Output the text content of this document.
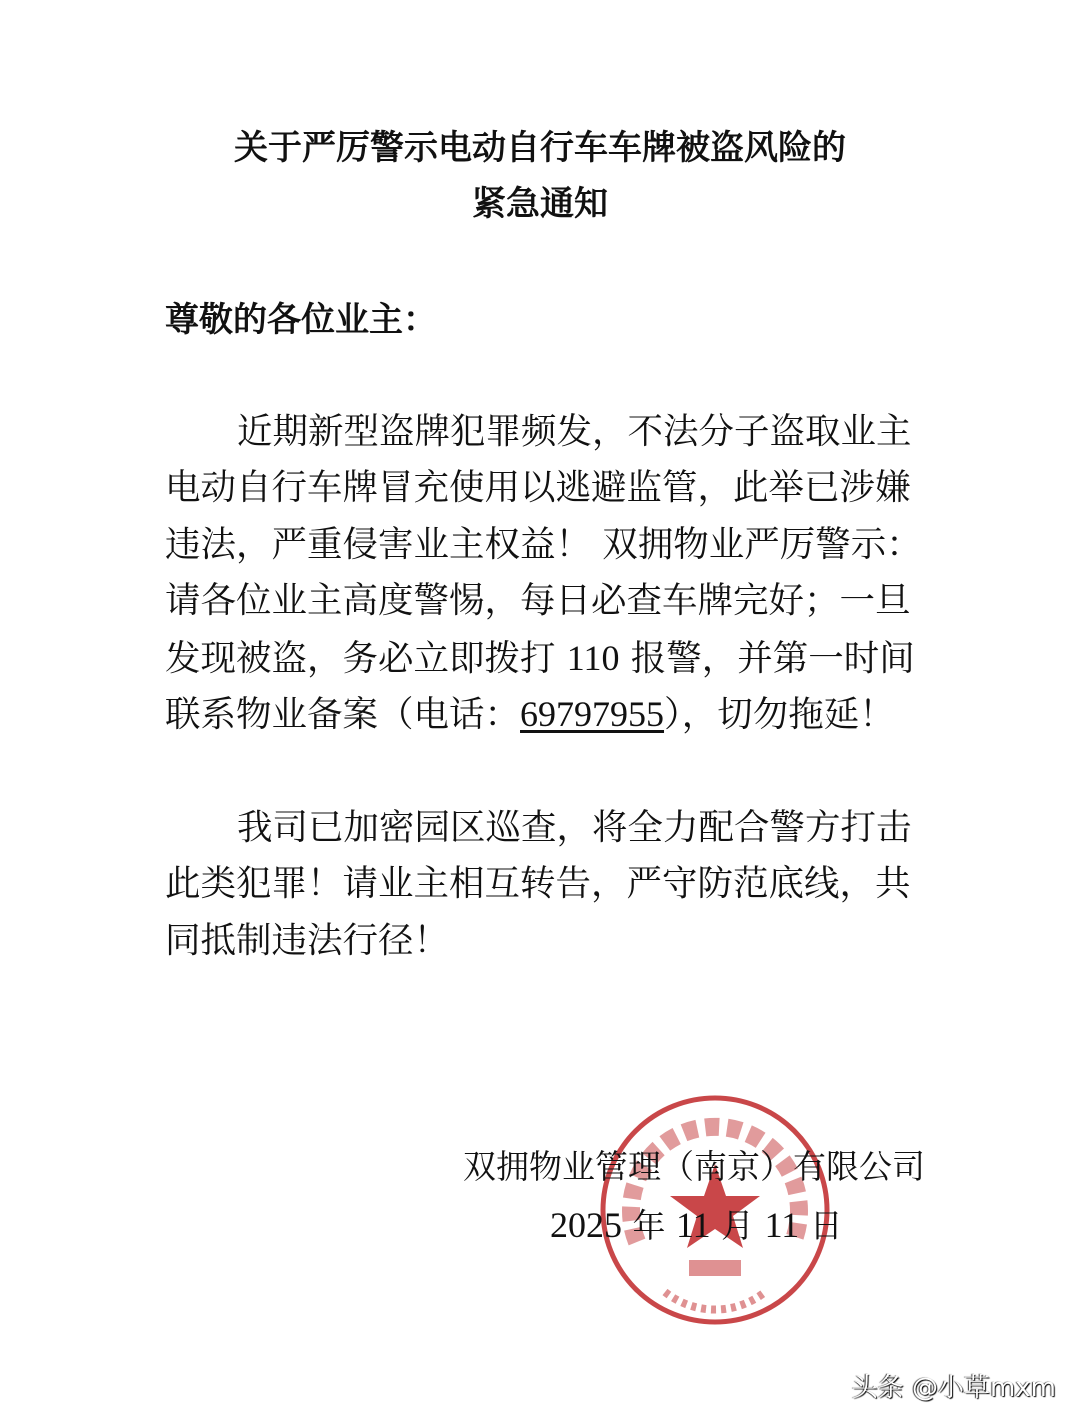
关于严厉警示电动自行车车牌被盗风险的
紧急通知
尊敬的各位业主：
近期新型盗牌犯罪频发，不法分子盗取业主
电动自行车牌冒充使用以逃避监管，此举已涉嫌
违法，严重侵害业主权益！ 双拥物业严厉警示：
请各位业主高度警惕，每日必查车牌完好；一旦
发现被盗，务必立即拨打 110 报警，并第一时间
联系物业备案（电话：69797955），切勿拖延！
我司已加密园区巡查，将全力配合警方打击
此类犯罪！请业主相互转告，严守防范底线，共
同抵制违法行径！
双拥物业管理（南京）有限公司
2025 年 11 月 11 日
头条 @小草mxm
